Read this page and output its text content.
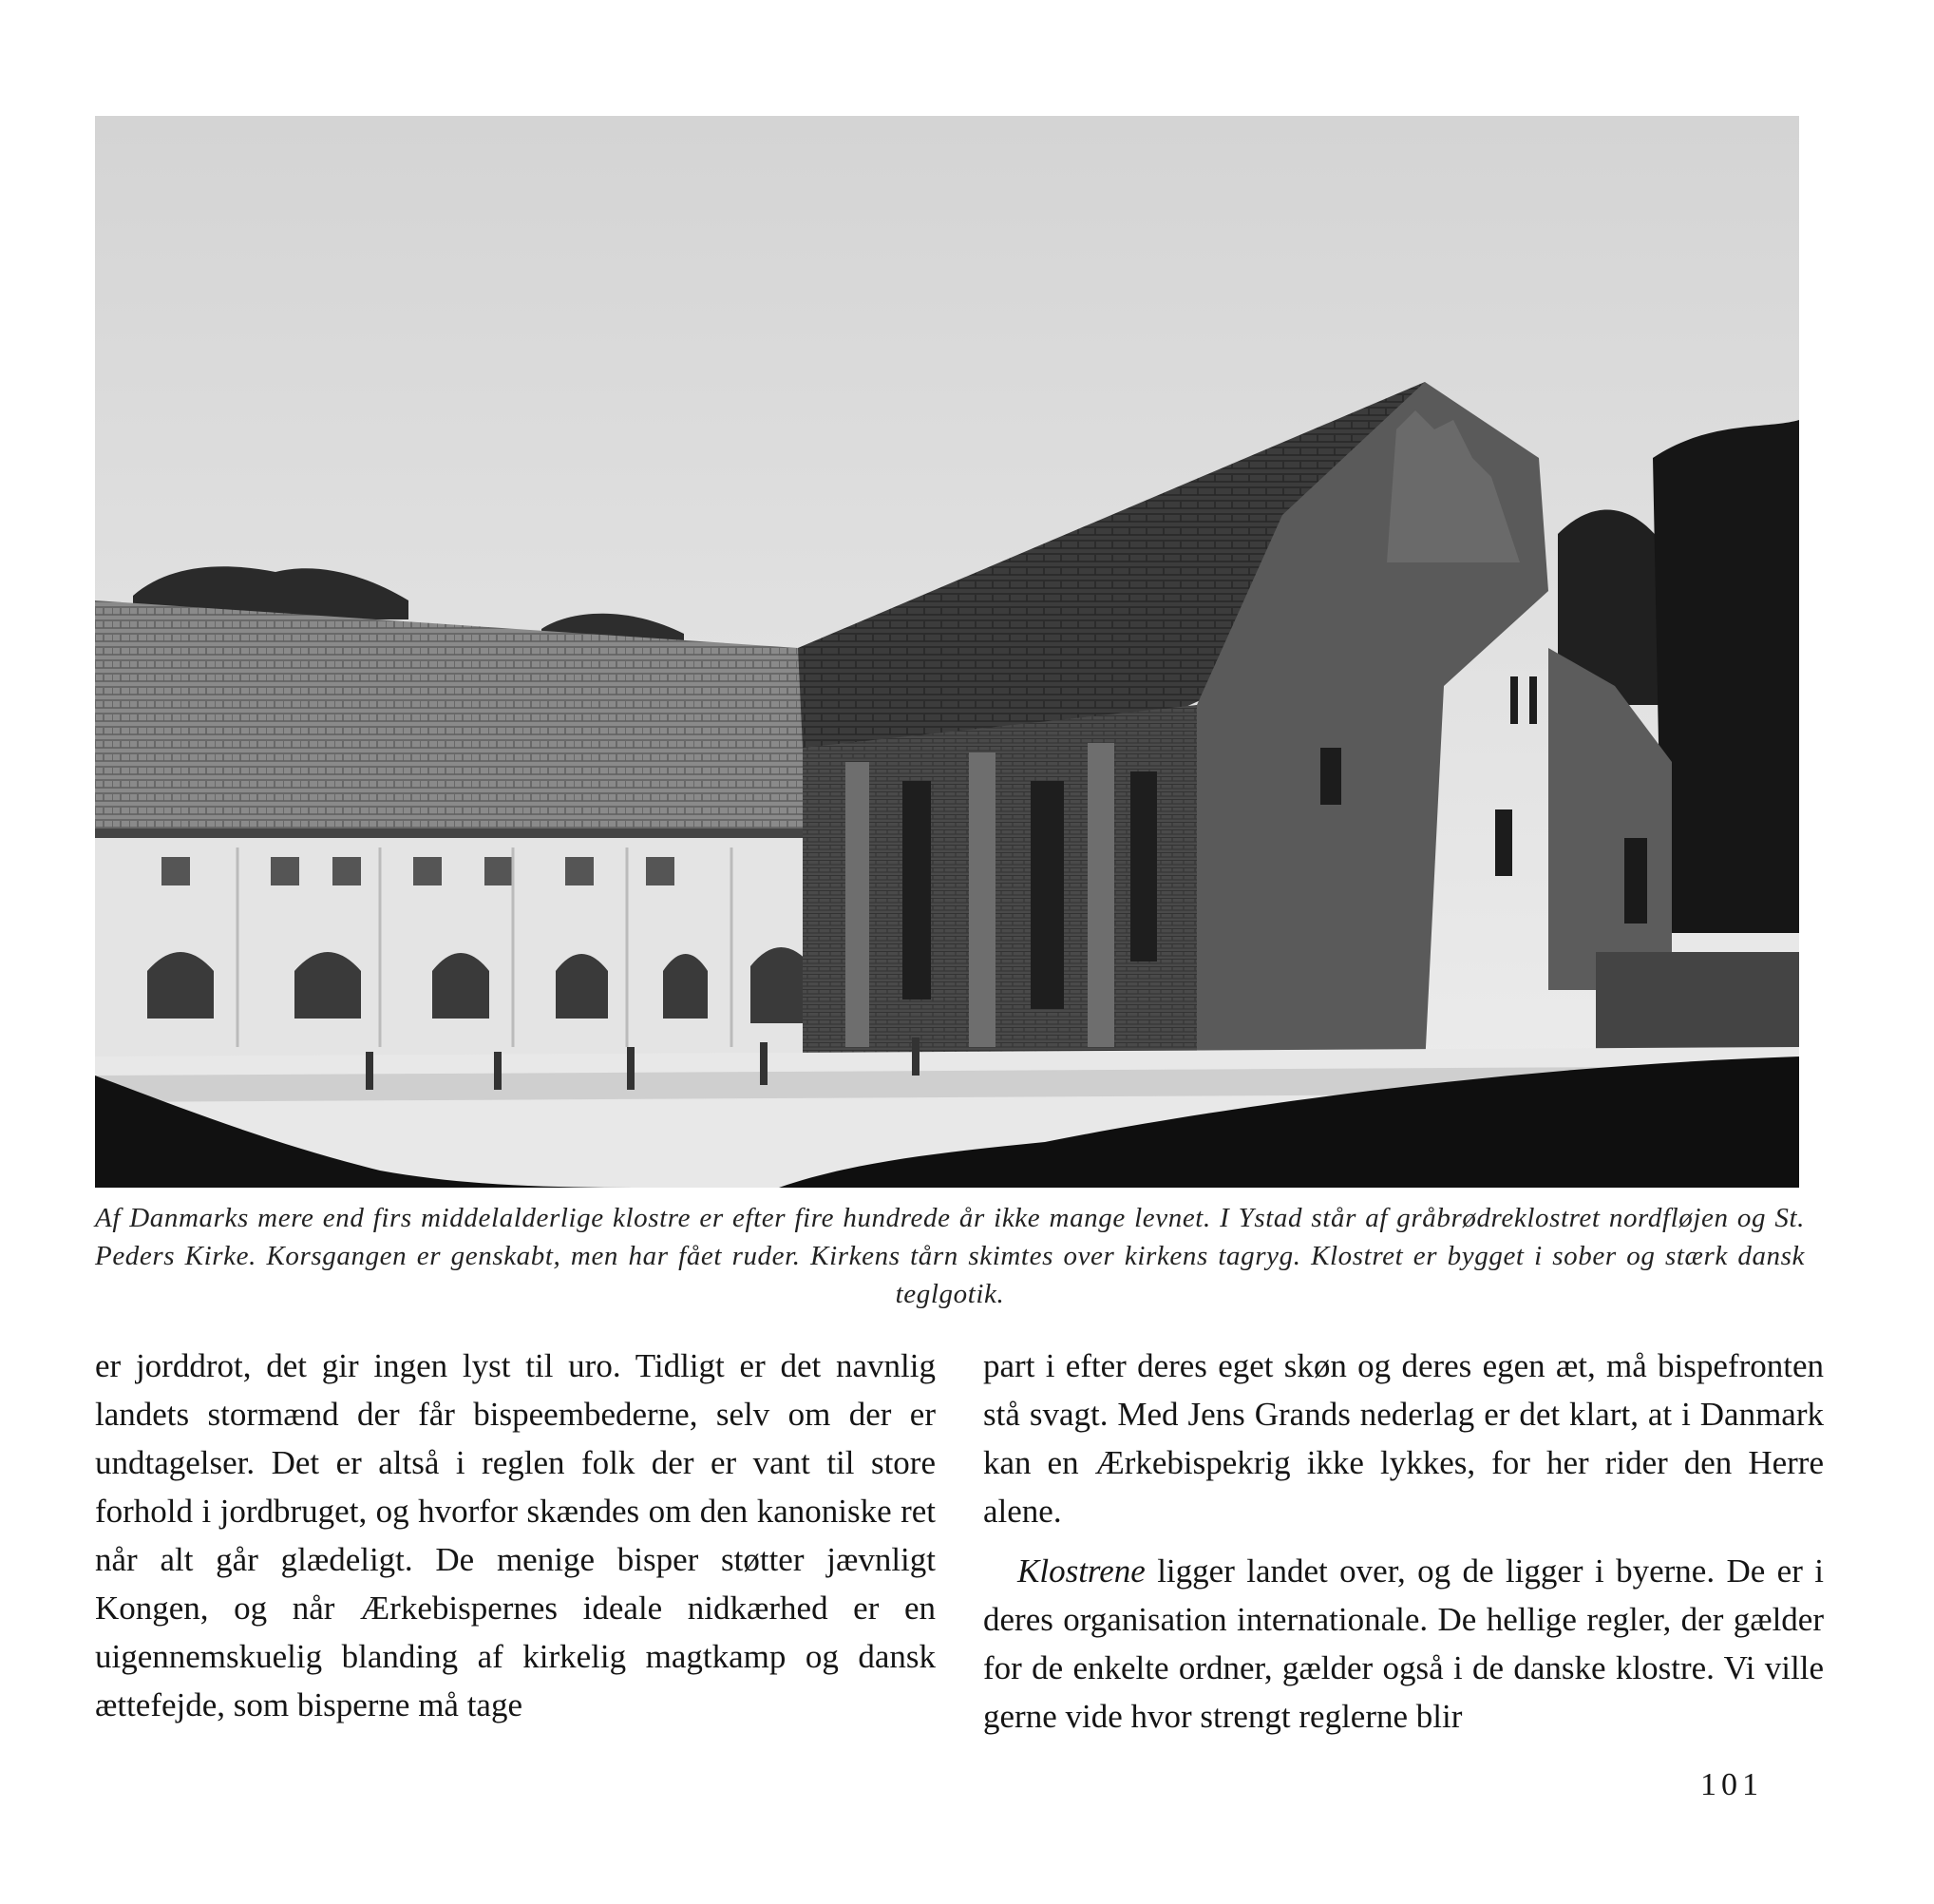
Af Danmarks mere end firs middelalderlige klostre er efter fire hundrede år ikke mange levnet. I Ystad står af gråbrødreklostret nordfløjen og St. Peders Kirke. Korsgangen er genskabt, men har fået ruder. Kirkens tårn skimtes over kirkens tagryg. Klostret er bygget i sober og stærk dansk teglgotik.

er jorddrot, det gir ingen lyst til uro. Tidligt er det navnlig landets stormænd der får bispeembederne, selv om der er undtagelser. Det er altså i reglen folk der er vant til store forhold i jordbruget, og hvorfor skændes om den kanoniske ret når alt går glædeligt. De menige bisper støtter jævnligt Kongen, og når Ærkebispernes ideale nidkærhed er en uigennemskuelig blanding af kirkelig magtkamp og dansk ættefejde, som bisperne må tage

part i efter deres eget skøn og deres egen æt, må bispefronten stå svagt. Med Jens Grands nederlag er det klart, at i Danmark kan en Ærkebispekrig ikke lykkes, for her rider den Herre alene.

Klostrene ligger landet over, og de ligger i byerne. De er i deres organisation internationale. De hellige regler, der gælder for de enkelte ordner, gælder også i de danske klostre. Vi ville gerne vide hvor strengt reglerne blir

101
